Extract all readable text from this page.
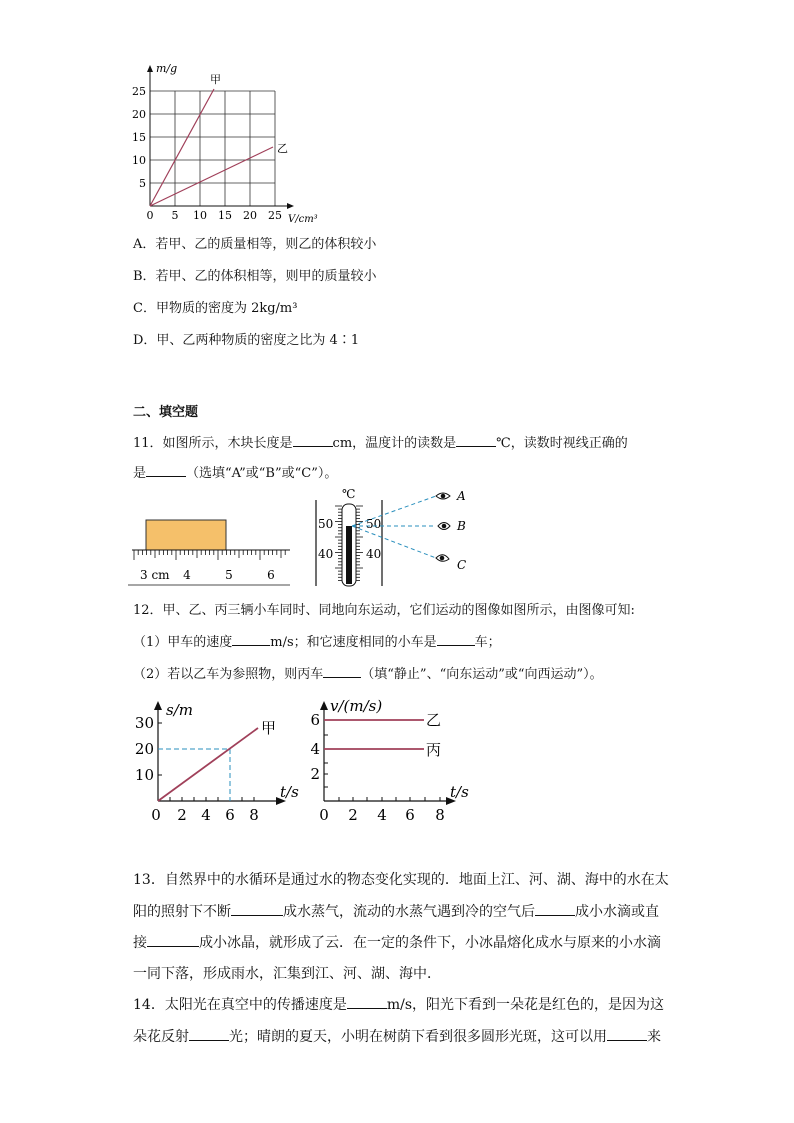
m/g
甲
乙
25
20
15
10
5
0 5 10 15 20 25 V/cm³
A．若甲、乙的质量相等，则乙的体积较小
B．若甲、乙的体积相等，则甲的质量较小
C．甲物质的密度为 2kg/m³
D．甲、乙两种物质的密度之比为 4∶1
二、填空题
11．如图所示，木块长度是	cm，温度计的读数是	℃，读数时视线正确的
是	（选填“A”或“B”或“C”）。
3 cm 4	5	6
℃
50
40
50
40
A
B
C
12．甲、乙、丙三辆小车同时、同地向东运动，它们运动的图像如图所示，由图像可知:
（1）甲车的速度	m/s；和它速度相同的小车是	车；
（2）若以乙车为参照物，则丙车	（填“静止”、“向东运动”或“向西运动”）。
甲
s/m
30
20
10
0 2 4 6 8
t/s
乙
丙
v/(m/s)
6
4
2
0 2 4 6 8
t/s
13．自然界中的水循环是通过水的物态变化实现的．地面上江、河、湖、海中的水在太
阳的照射下不断	成水蒸气，流动的水蒸气遇到冷的空气后	成小水滴或直
接	成小冰晶，就形成了云．在一定的条件下，小冰晶熔化成水与原来的小水滴
一同下落，形成雨水，汇集到江、河、湖、海中．
14．太阳光在真空中的传播速度是	m/s，阳光下看到一朵花是红色的，是因为这
朵花反射	光；晴朗的夏天，小明在树荫下看到很多圆形光斑，这可以用	来
